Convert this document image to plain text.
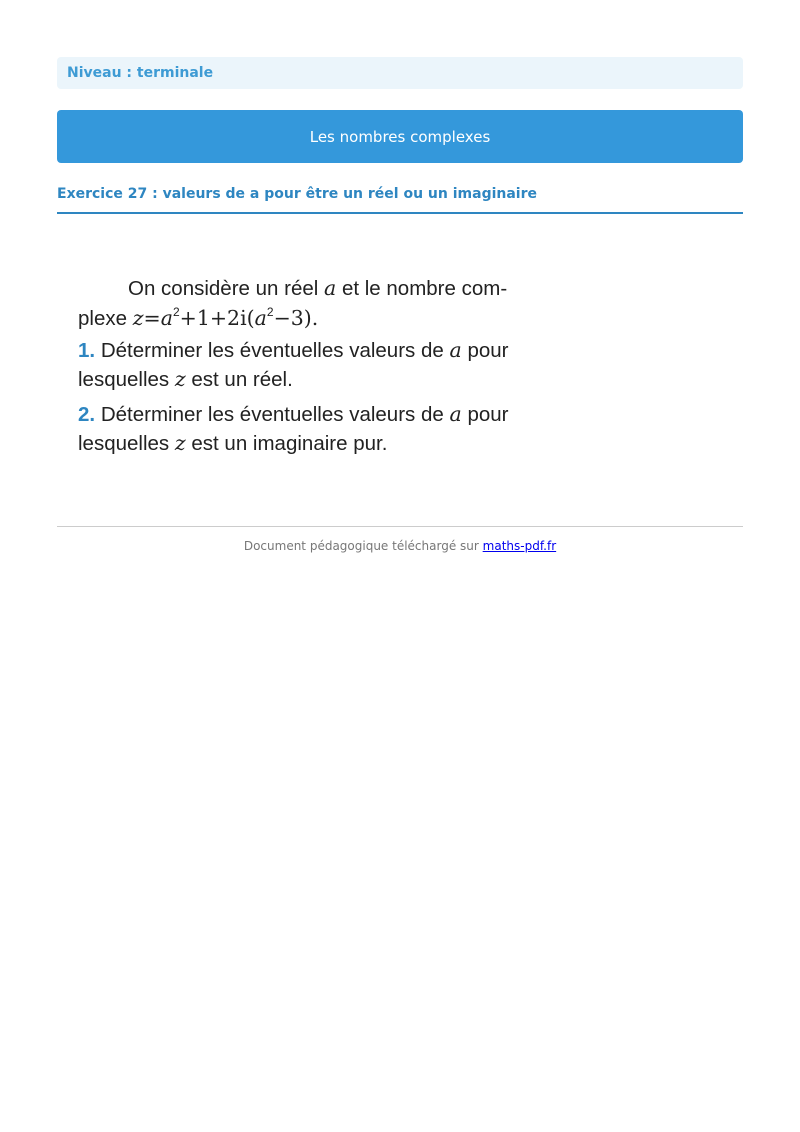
Niveau : terminale
Les nombres complexes
Exercice 27 : valeurs de a pour être un réel ou un imaginaire
On considère un réel a et le nombre com-
plexe $z=a^2+1+2i(a^2-3)$.
1. Déterminer les éventuelles valeurs de a pour
lesquelles z est un réel.
2. Déterminer les éventuelles valeurs de a pour
lesquelles z est un imaginaire pur.
Document pédagogique téléchargé sur maths-pdf.fr
